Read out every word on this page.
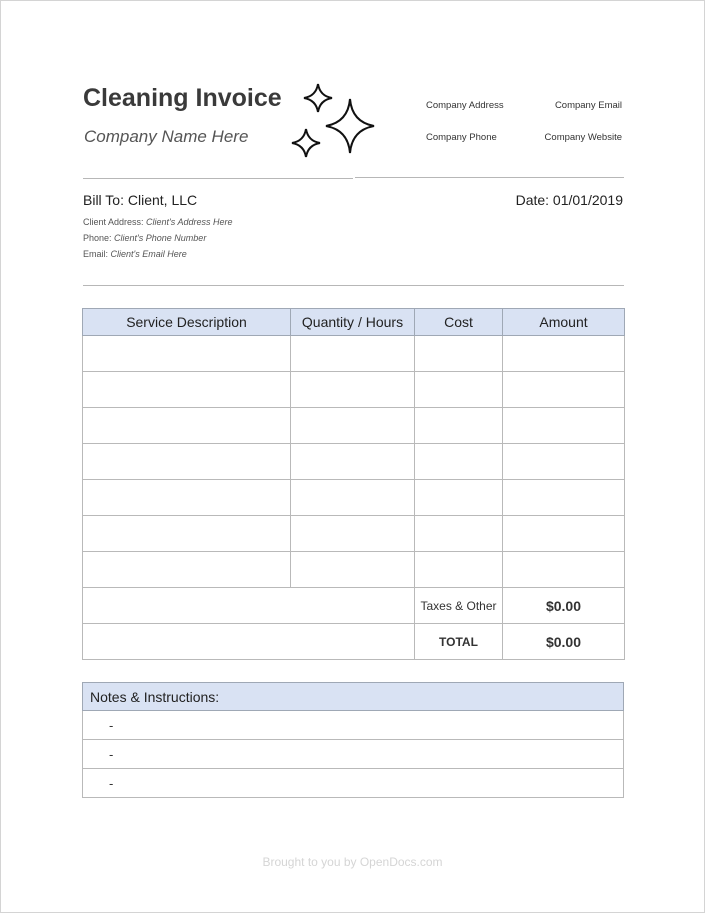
Cleaning Invoice
Company Name Here
Company Address	Company Email
Company Phone	Company Website
Bill To: Client, LLC	Date: 01/01/2019
Client Address: Client's Address Here
Phone: Client's Phone Number
Email: Client's Email Here
Service Description	Quantity / Hours	Cost	Amount

		Taxes & Other	$0.00
		TOTAL	$0.00
Notes & Instructions:
-
-
-
Brought to you by OpenDocs.com
